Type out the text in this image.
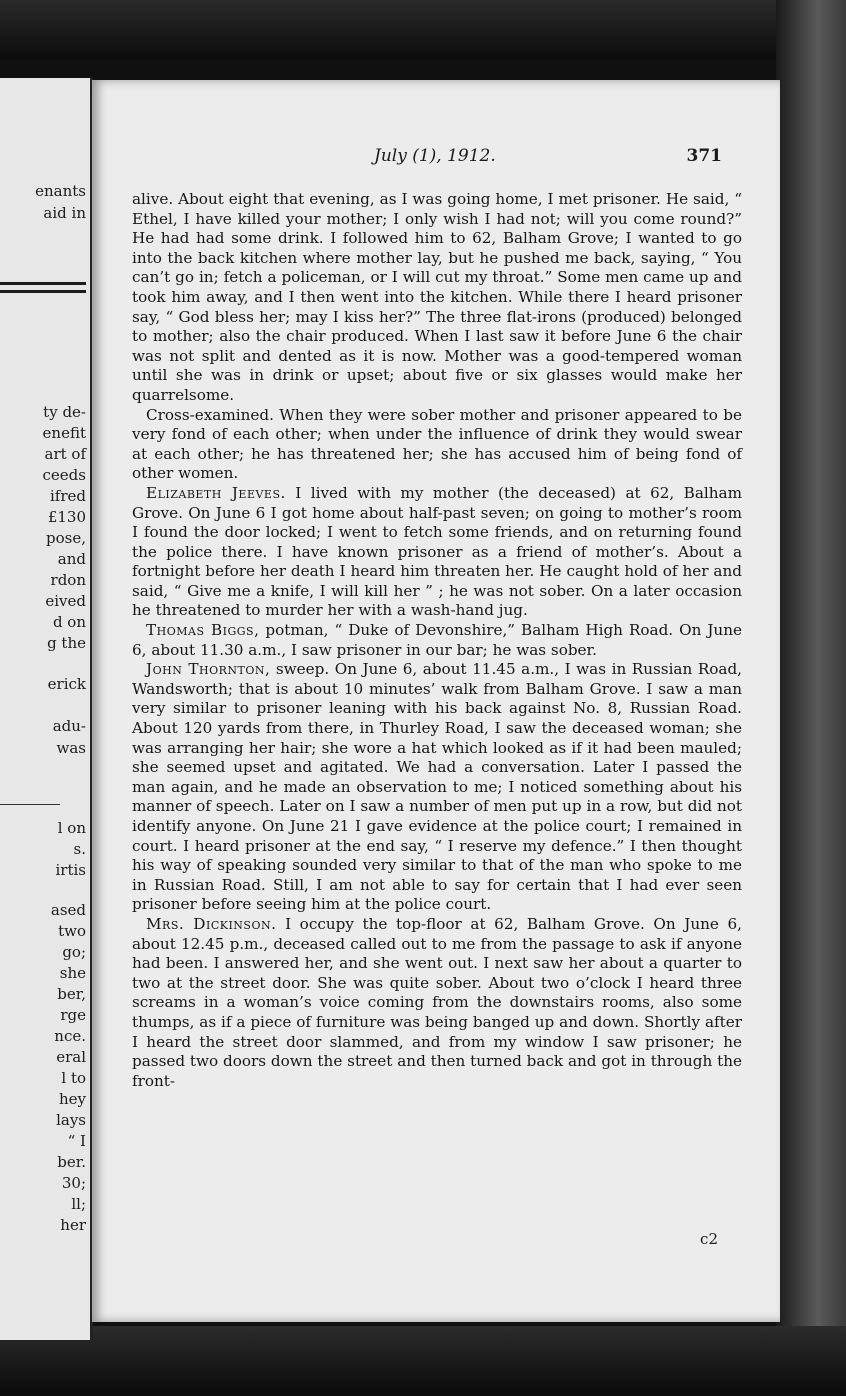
enants
aid in
ty de-
enefit
art of
ceeds
ifred
£130
pose,
and
rdon
eived
d on
g the
erick
adu-
was
l on
s.
irtis
ased
two
go;
she
ber,
rge
nce.
eral
l to
hey
lays
“ I
ber.
30;
ll;
her
July (1), 1912.	371

alive. About eight that evening, as I was going home, I met prisoner. He said, “ Ethel, I have killed your mother; I only wish I had not; will you come round?” He had had some drink. I followed him to 62, Balham Grove; I wanted to go into the back kitchen where mother lay, but he pushed me back, saying, “ You can’t go in; fetch a policeman, or I will cut my throat.” Some men came up and took him away, and I then went into the kitchen. While there I heard prisoner say, “ God bless her; may I kiss her?” The three flat-irons (produced) belonged to mother; also the chair produced. When I last saw it before June 6 the chair was not split and dented as it is now. Mother was a good-tempered woman until she was in drink or upset; about five or six glasses would make her quarrelsome.

Cross-examined. When they were sober mother and prisoner appeared to be very fond of each other; when under the influence of drink they would swear at each other; he has threatened her; she has accused him of being fond of other women.

Elizabeth Jeeves. I lived with my mother (the deceased) at 62, Balham Grove. On June 6 I got home about half-past seven; on going to mother’s room I found the door locked; I went to fetch some friends, and on returning found the police there. I have known prisoner as a friend of mother’s. About a fortnight before her death I heard him threaten her. He caught hold of her and said, “ Give me a knife, I will kill her ” ; he was not sober. On a later occasion he threatened to murder her with a wash-hand jug.

Thomas Biggs, potman, “ Duke of Devonshire,” Balham High Road. On June 6, about 11.30 a.m., I saw prisoner in our bar; he was sober.

John Thornton, sweep. On June 6, about 11.45 a.m., I was in Russian Road, Wandsworth; that is about 10 minutes’ walk from Balham Grove. I saw a man very similar to prisoner leaning with his back against No. 8, Russian Road. About 120 yards from there, in Thurley Road, I saw the deceased woman; she was arranging her hair; she wore a hat which looked as if it had been mauled; she seemed upset and agitated. We had a conversation. Later I passed the man again, and he made an observation to me; I noticed something about his manner of speech. Later on I saw a number of men put up in a row, but did not identify anyone. On June 21 I gave evidence at the police court; I remained in court. I heard prisoner at the end say, “ I reserve my defence.” I then thought his way of speaking sounded very similar to that of the man who spoke to me in Russian Road. Still, I am not able to say for certain that I had ever seen prisoner before seeing him at the police court.

Mrs. Dickinson. I occupy the top-floor at 62, Balham Grove. On June 6, about 12.45 p.m., deceased called out to me from the passage to ask if anyone had been. I answered her, and she went out. I next saw her about a quarter to two at the street door. She was quite sober. About two o’clock I heard three screams in a woman’s voice coming from the downstairs rooms, also some thumps, as if a piece of furniture was being banged up and down. Shortly after I heard the street door slammed, and from my window I saw prisoner; he passed two doors down the street and then turned back and got in through the front-

c2
